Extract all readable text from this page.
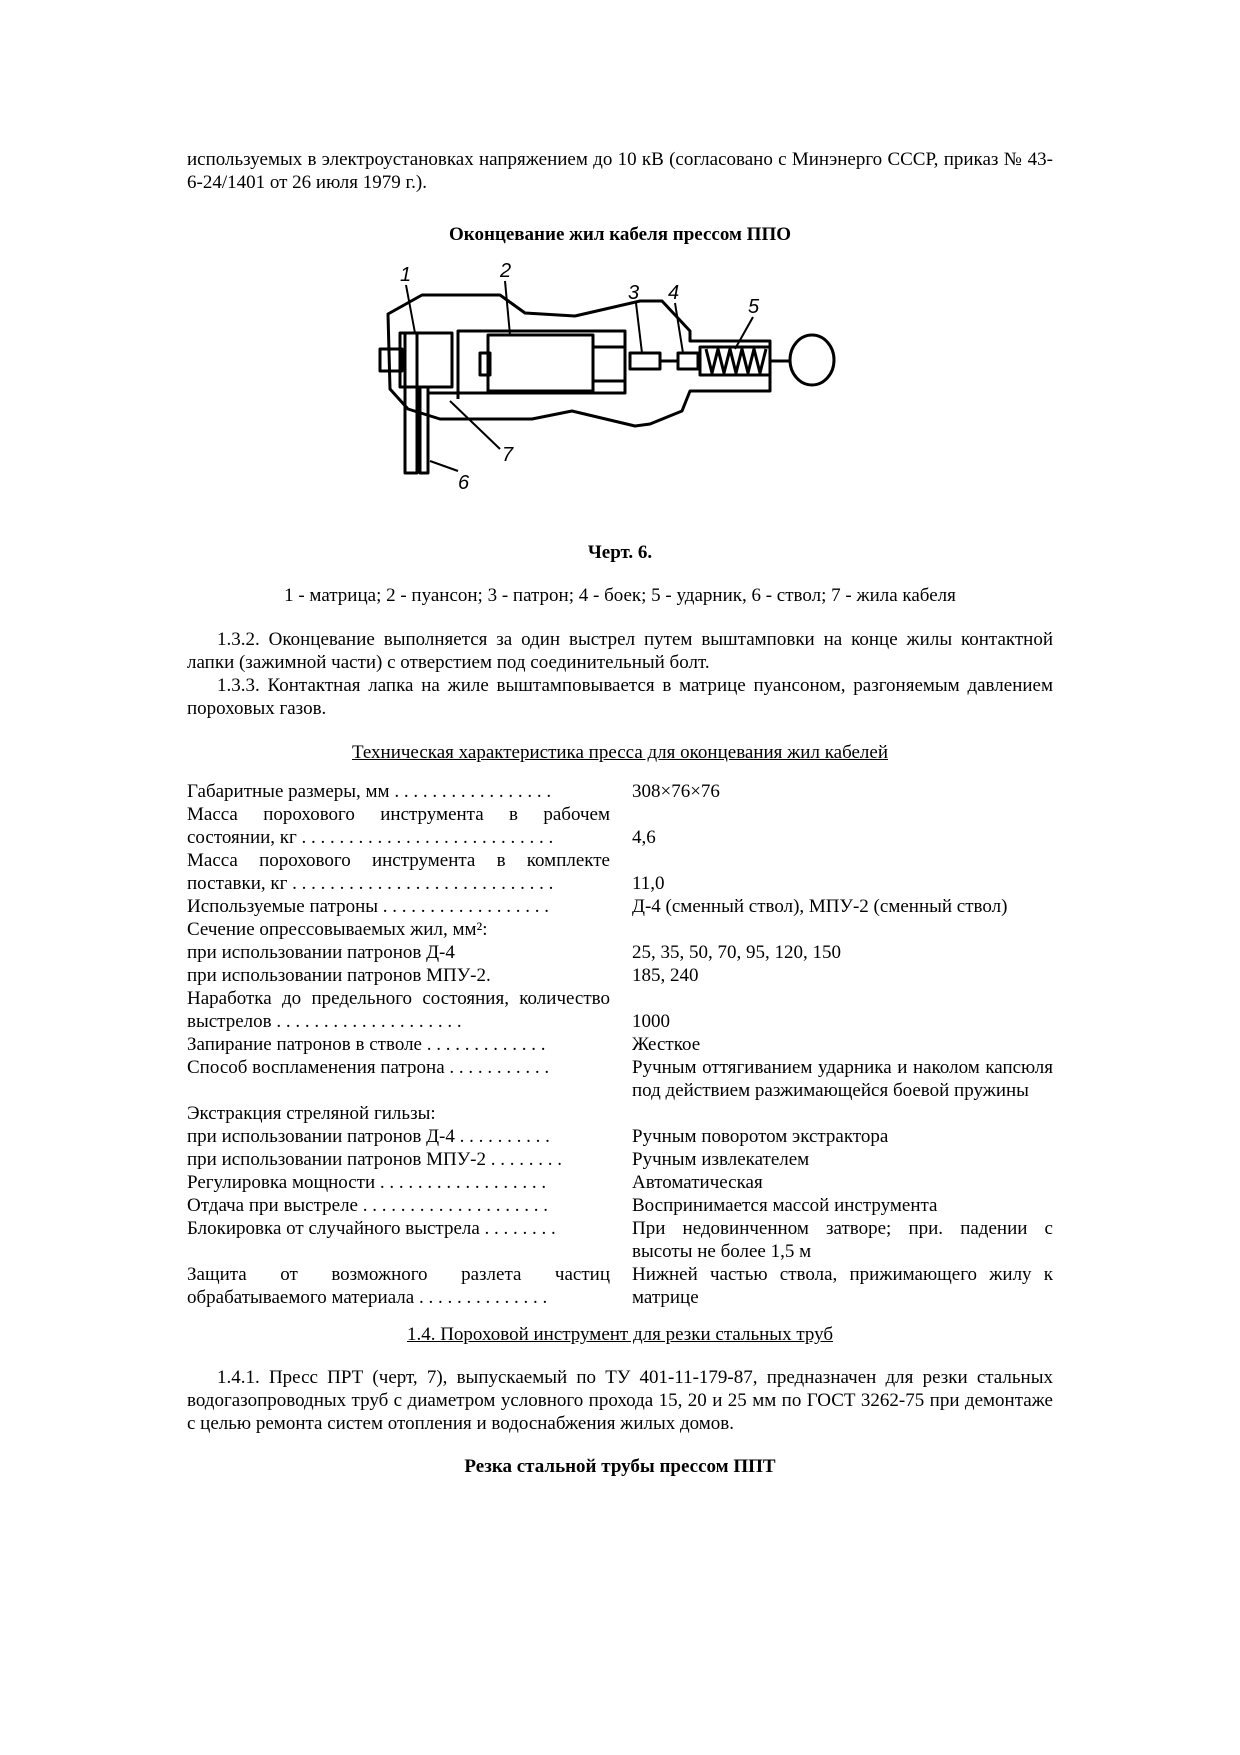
используемых в электроустановках напряжением до 10 кВ (согласовано с Минэнерго СССР, приказ № 43-6-24/1401 от 26 июля 1979 г.).

Оконцевание жил кабеля прессом ППО

1	2
3 4
5
6
7

Черт. 6.

1 - матрица; 2 - пуансон; 3 - патрон; 4 - боек; 5 - ударник, 6 - ствол; 7 - жила кабеля

1.3.2. Оконцевание выполняется за один выстрел путем выштамповки на конце жилы контактной лапки (зажимной части) с отверстием под соединительный болт.

1.3.3. Контактная лапка на жиле выштамповывается в матрице пуансоном, разгоняемым давлением пороховых газов.

Техническая характеристика пресса для оконцевания жил кабелей

Габаритные размеры, мм . . . . . . . . . . . . . . . . .	308×76×76
Масса порохового инструмента в рабочем состоянии, кг . . . . . . . . . . . . . . . . . . . . . . . . . . .	4,6
Масса порохового инструмента в комплекте поставки, кг . . . . . . . . . . . . . . . . . . . . . . . . . . . .	11,0
Используемые патроны . . . . . . . . . . . . . . . . . .	Д-4 (сменный ствол), МПУ-2 (сменный ствол)
Сечение опрессовываемых жил, мм²:	
при использовании патронов Д-4	25, 35, 50, 70, 95, 120, 150
при использовании патронов МПУ-2.	185, 240
Наработка до предельного состояния, количество выстрелов . . . . . . . . . . . . . . . . . . . .	1000
Запирание патронов в стволе . . . . . . . . . . . . .	Жесткое
Способ воспламенения патрона . . . . . . . . . . .	Ручным оттягиванием ударника и наколом капсюля под действием разжимающейся боевой пружины
Экстракция стреляной гильзы:	
при использовании патронов Д-4 . . . . . . . . . .	Ручным поворотом экстрактора
при использовании патронов МПУ-2 . . . . . . . .	Ручным извлекателем
Регулировка мощности . . . . . . . . . . . . . . . . . .	Автоматическая
Отдача при выстреле . . . . . . . . . . . . . . . . . . . .	Воспринимается массой инструмента
Блокировка от случайного выстрела . . . . . . . .	При недовинченном затворе; при. падении с высоты не более 1,5 м
Защита от возможного разлета частиц обрабатываемого материала . . . . . . . . . . . . . .	Нижней частью ствола, прижимающего жилу к матрице

1.4. Пороховой инструмент для резки стальных труб

1.4.1. Пресс ПРТ (черт, 7), выпускаемый по ТУ 401-11-179-87, предназначен для резки стальных водогазопроводных труб с диаметром условного прохода 15, 20 и 25 мм по ГОСТ 3262-75 при демонтаже с целью ремонта систем отопления и водоснабжения жилых домов.

Резка стальной трубы прессом ППТ
